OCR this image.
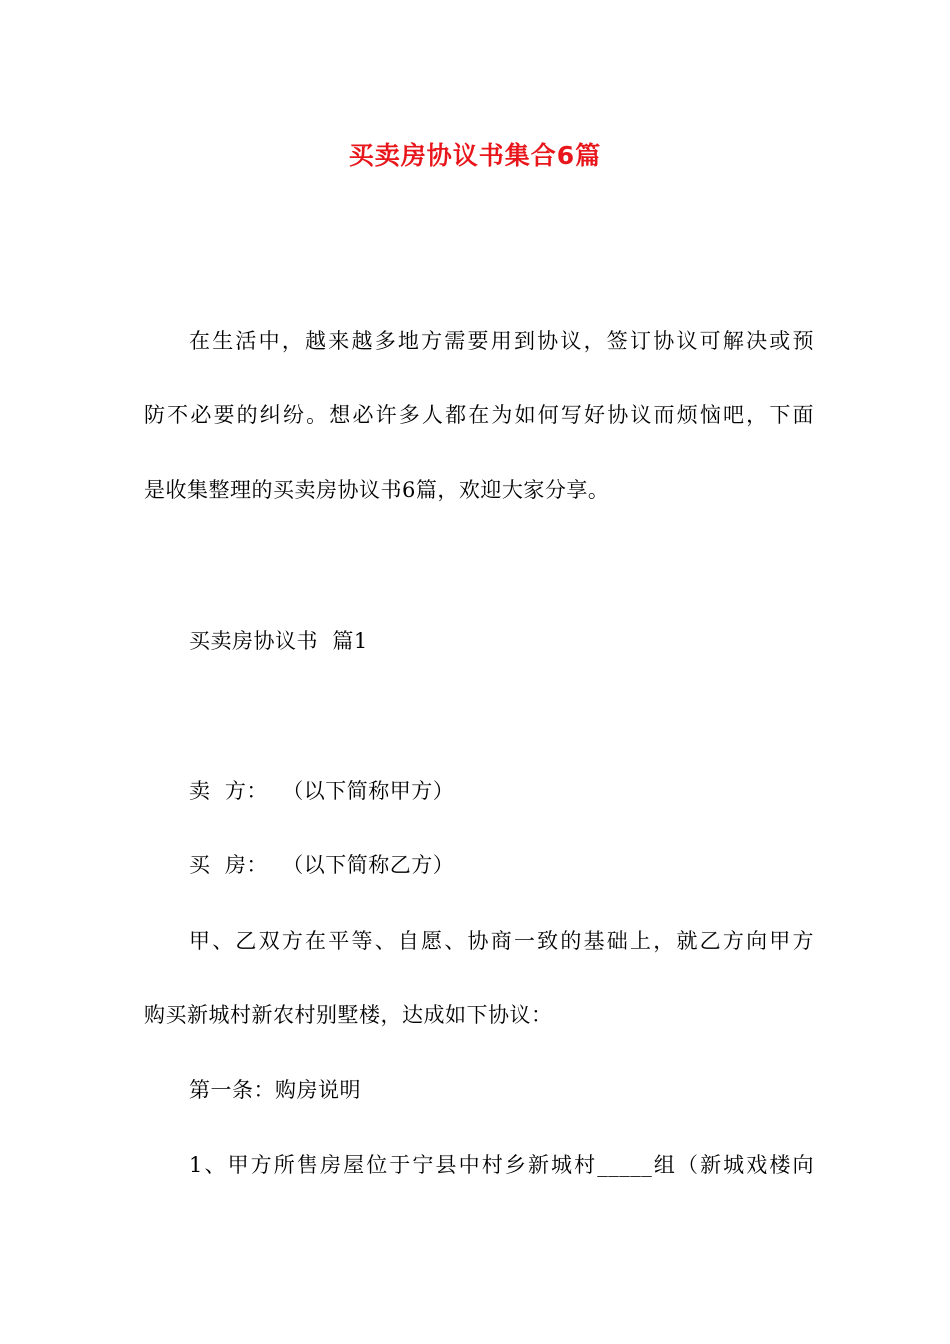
买卖房协议书集合6篇
在生活中，越来越多地方需要用到协议，签订协议可解决或预
防不必要的纠纷。想必许多人都在为如何写好协议而烦恼吧，下面
是收集整理的买卖房协议书6篇，欢迎大家分享。
买卖房协议书  篇1
卖  方：  （以下简称甲方）
买  房：  （以下简称乙方）
甲、乙双方在平等、自愿、协商一致的基础上，就乙方向甲方
购买新城村新农村别墅楼，达成如下协议：
第一条：购房说明
1、甲方所售房屋位于宁县中村乡新城村_____组（新城戏楼向
